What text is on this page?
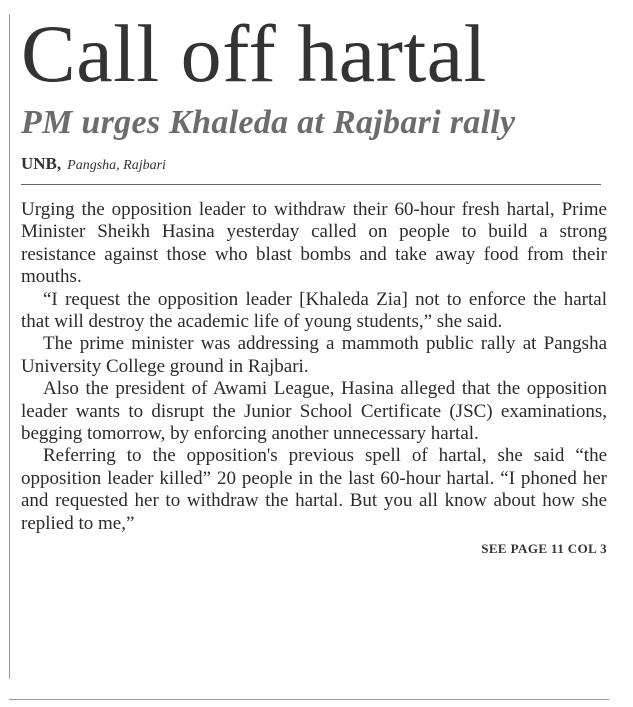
Call off hartal
PM urges Khaleda at Rajbari rally
UNB, Pangsha, Rajbari

Urging the opposition leader to withdraw their 60-hour fresh hartal, Prime Minister Sheikh Hasina yesterday called on people to build a strong resistance against those who blast bombs and take away food from their mouths.

“I request the opposition leader [Khaleda Zia] not to enforce the hartal that will destroy the academic life of young students,” she said.

The prime minister was addressing a mammoth public rally at Pangsha University College ground in Rajbari.

Also the president of Awami League, Hasina alleged that the opposition leader wants to disrupt the Junior School Certificate (JSC) examinations, begging tomorrow, by enforcing another unnecessary hartal.

Referring to the opposition's previous spell of hartal, she said “the opposition leader killed” 20 people in the last 60-hour hartal. “I phoned her and requested her to withdraw the hartal. But you all know about how she replied to me,”

SEE PAGE 11 COL 3
